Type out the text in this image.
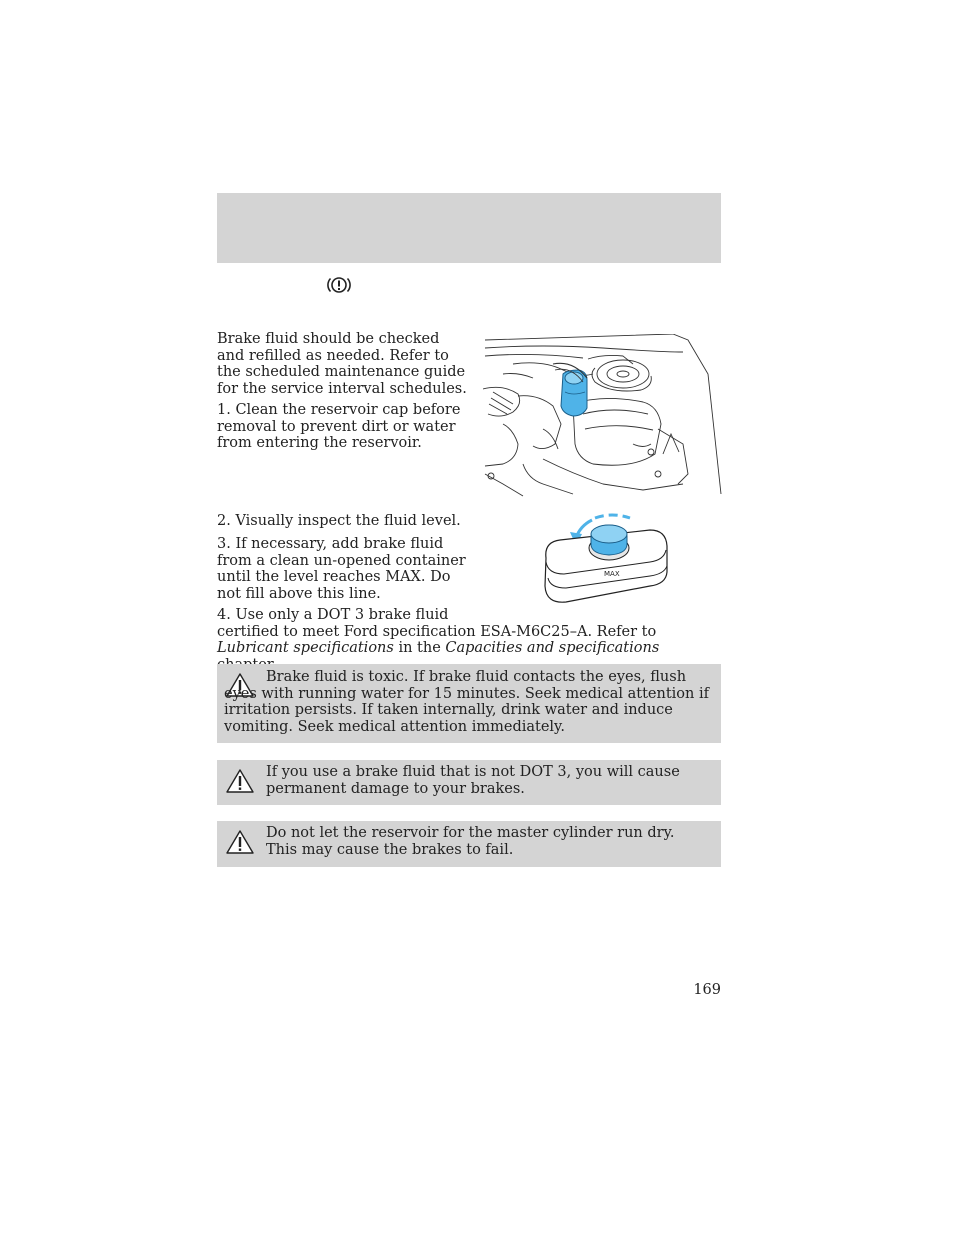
Brake fluid should be checked and refilled as needed. Refer to the scheduled maintenance guide for the service interval schedules.
1. Clean the reservoir cap before removal to prevent dirt or water from entering the reservoir.
2. Visually inspect the fluid level.
3. If necessary, add brake fluid from a clean un-opened container until the level reaches MAX. Do not fill above this line.
4. Use only a DOT 3 brake fluid
certified to meet Ford specification ESA-M6C25–A. Refer to Lubricant specifications in the Capacities and specifications
MAX
Brake fluid is toxic. If brake fluid contacts the eyes, flush eyes with running water for 15 minutes. Seek medical attention if irritation persists. If taken internally, drink water and induce vomiting. Seek medical attention immediately.
If you use a brake fluid that is not DOT 3, you will cause permanent damage to your brakes.
Do not let the reservoir for the master cylinder run dry. This may cause the brakes to fail.
169
